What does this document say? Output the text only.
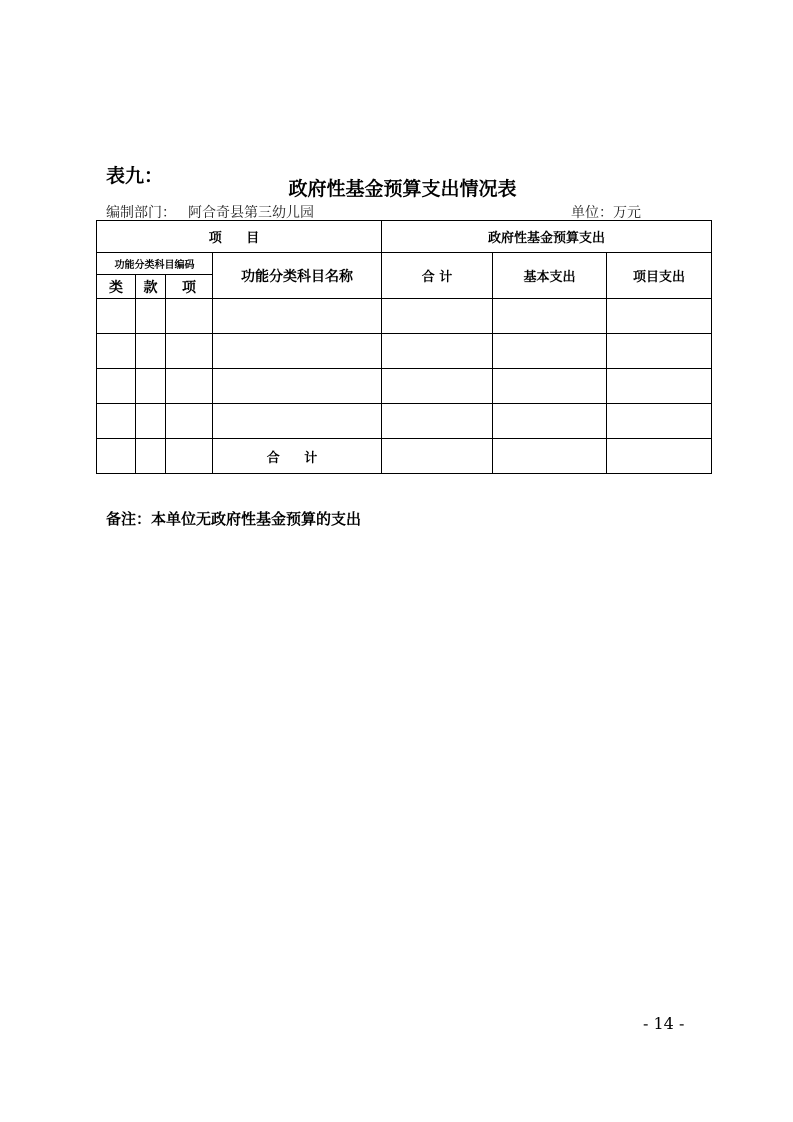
表九：
政府性基金预算支出情况表
编制部门： 阿合奇县第三幼儿园	单位：万元
项 目				政府性基金预算支出		
功能分类科目编码			功能分类科目名称	合 计	基本支出	项目支出
类	款	项				

			合 计			
备注：本单位无政府性基金预算的支出
- 14 -
